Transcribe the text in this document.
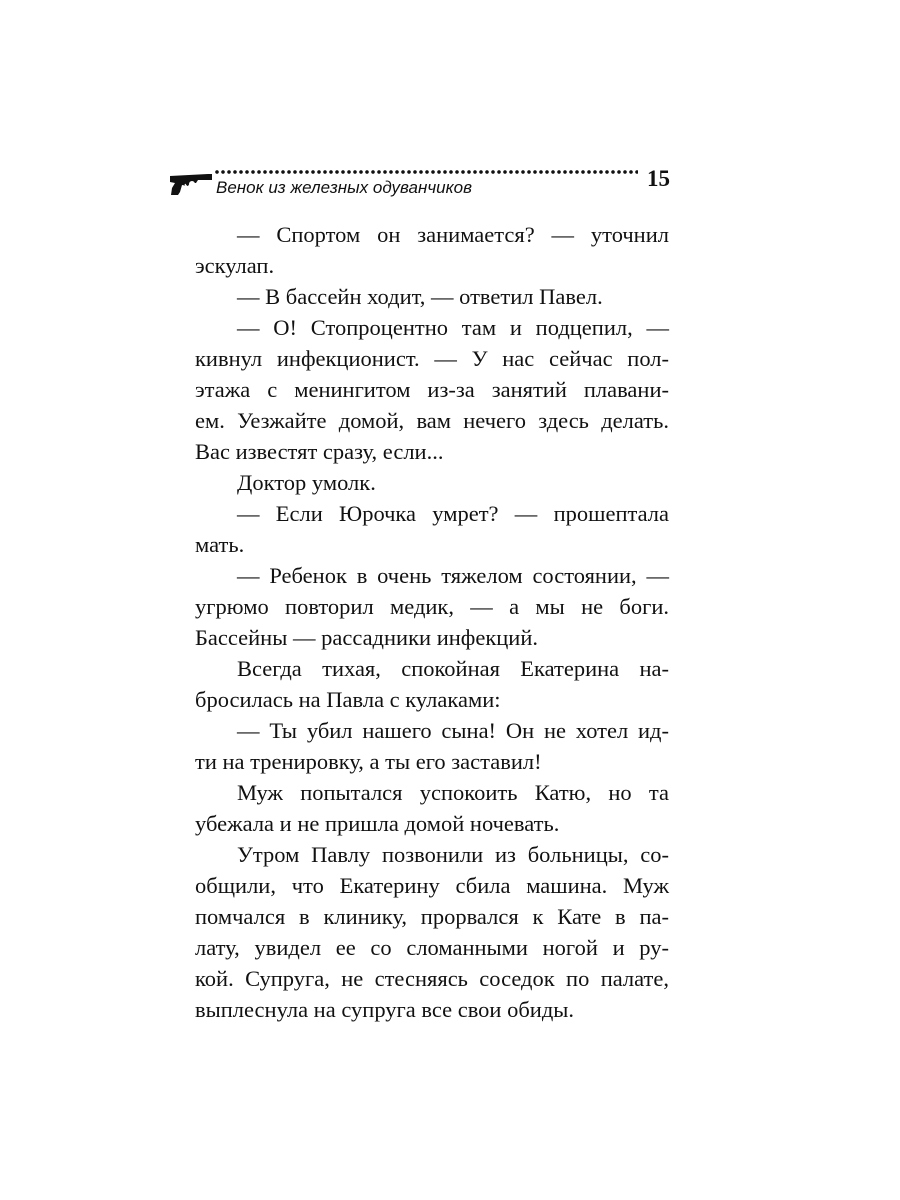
Венок из железных одуванчиков	15
— Спортом он занимается? — уточнил
эскулап.
— В бассейн ходит, — ответил Павел.
— О! Стопроцентно там и подцепил, —
кивнул инфекционист. — У нас сейчас пол-
этажа с менингитом из-за занятий плавани-
ем. Уезжайте домой, вам нечего здесь делать.
Вас известят сразу, если...
Доктор умолк.
— Если Юрочка умрет? — прошептала
мать.
— Ребенок в очень тяжелом состоянии, —
угрюмо повторил медик, — а мы не боги.
Бассейны — рассадники инфекций.
Всегда тихая, спокойная Екатерина на-
бросилась на Павла с кулаками:
— Ты убил нашего сына! Он не хотел ид-
ти на тренировку, а ты его заставил!
Муж попытался успокоить Катю, но та
убежала и не пришла домой ночевать.
Утром Павлу позвонили из больницы, со-
общили, что Екатерину сбила машина. Муж
помчался в клинику, прорвался к Кате в па-
лату, увидел ее со сломанными ногой и ру-
кой. Супруга, не стесняясь соседок по палате,
выплеснула на супруга все свои обиды.
